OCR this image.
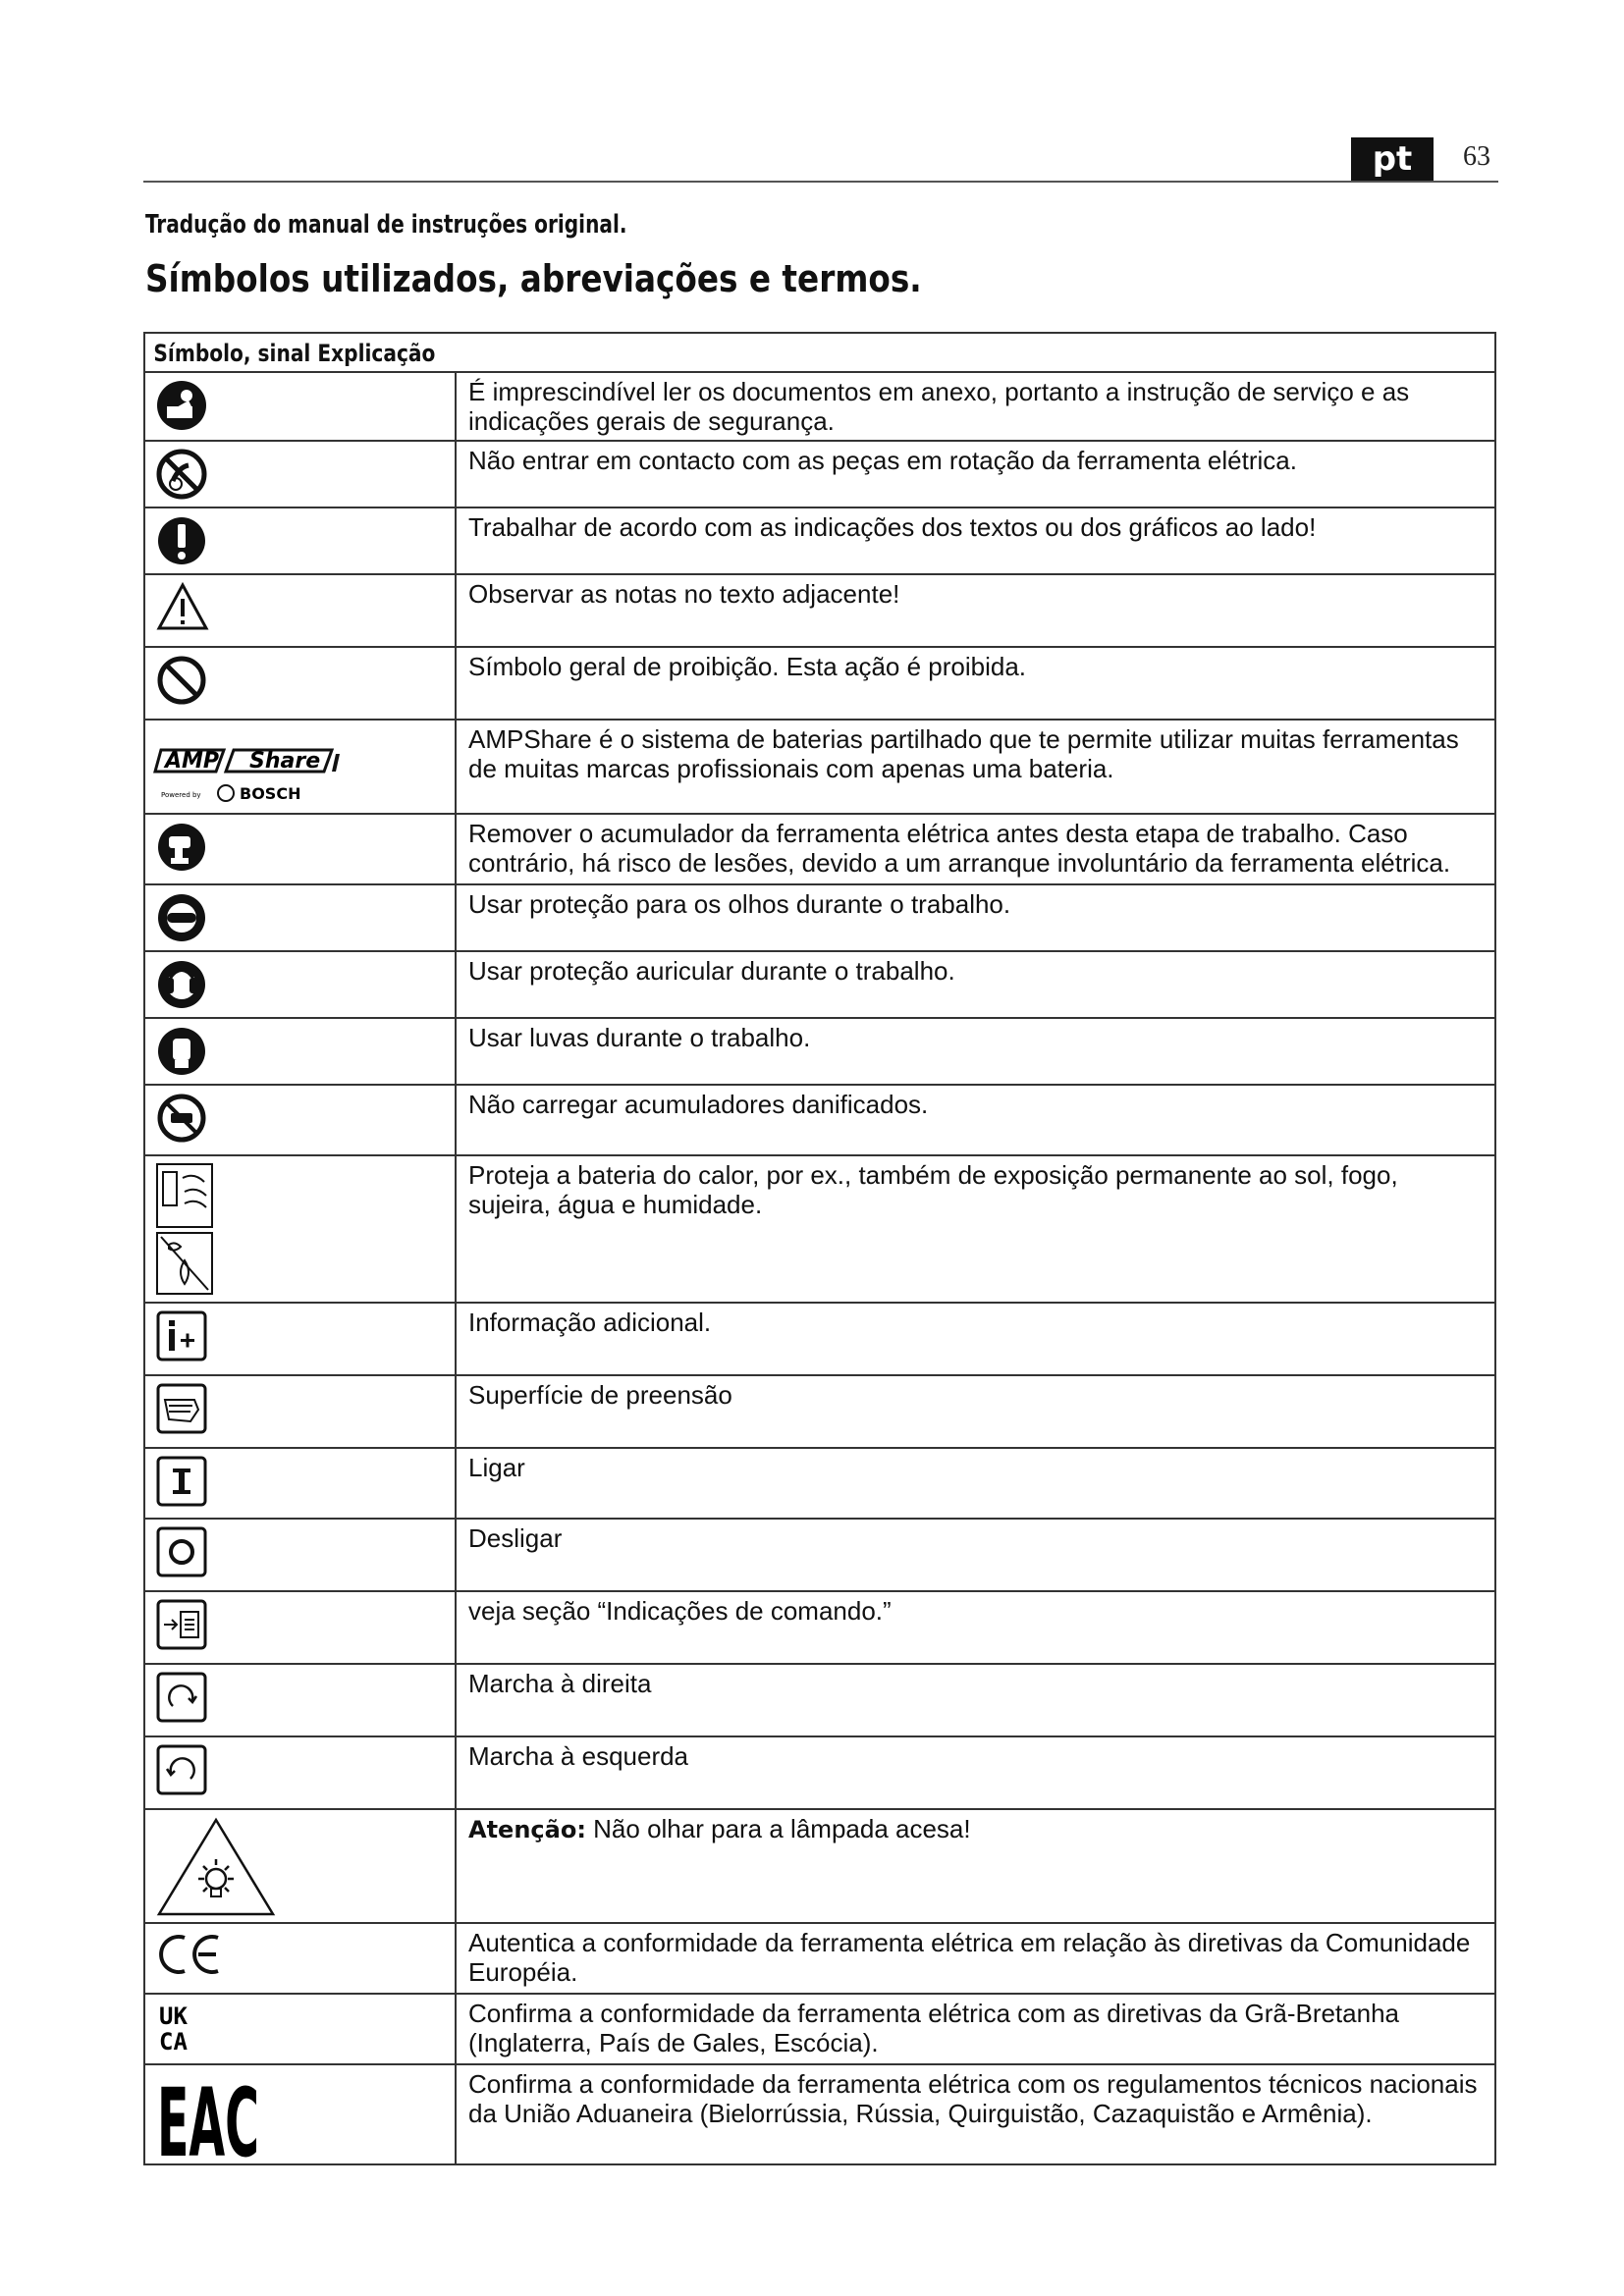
pt	63
Tradução do manual de instruções original.
Símbolos utilizados, abreviações e termos.
Símbolo, sinal Explicação	

	É imprescindível ler os documentos em anexo, portanto a instrução de serviço e as indicações gerais de segurança.

	Não entrar em contacto com as peças em rotação da ferramenta elétrica.

	Trabalhar de acordo com as indicações dos textos ou dos gráficos ao lado!

	Observar as notas no texto adjacente!

	Símbolo geral de proibição. Esta ação é proibida.

AMP Share
Powered by BOSCH	AMPShare é o sistema de baterias partilhado que te permite utilizar muitas ferramentas de muitas marcas profissionais com apenas uma bateria.

	Remover o acumulador da ferramenta elétrica antes desta etapa de trabalho. Caso contrário, há risco de lesões, devido a um arranque involuntário da ferramenta elétrica.

	Usar proteção para os olhos durante o trabalho.

	Usar proteção auricular durante o trabalho.

	Usar luvas durante o trabalho.

	Não carregar acumuladores danificados.

	Proteja a bateria do calor, por ex., também de exposição permanente ao sol, fogo, sujeira, água e humidade.

	Informação adicional.

	Superfície de preensão

	Ligar

	Desligar

	veja seção “Indicações de comando.”

	Marcha à direita

	Marcha à esquerda

	Atenção: Não olhar para a lâmpada acesa!

	Autentica a conformidade da ferramenta elétrica em relação às diretivas da Comunidade Européia.

UK
CA	Confirma a conformidade da ferramenta elétrica com as diretivas da Grã-Bretanha (Inglaterra, País de Gales, Escócia).

EAC	Confirma a conformidade da ferramenta elétrica com os regulamentos técnicos nacionais da União Aduaneira (Bielorrússia, Rússia, Quirguistão, Cazaquistão e Armênia).
